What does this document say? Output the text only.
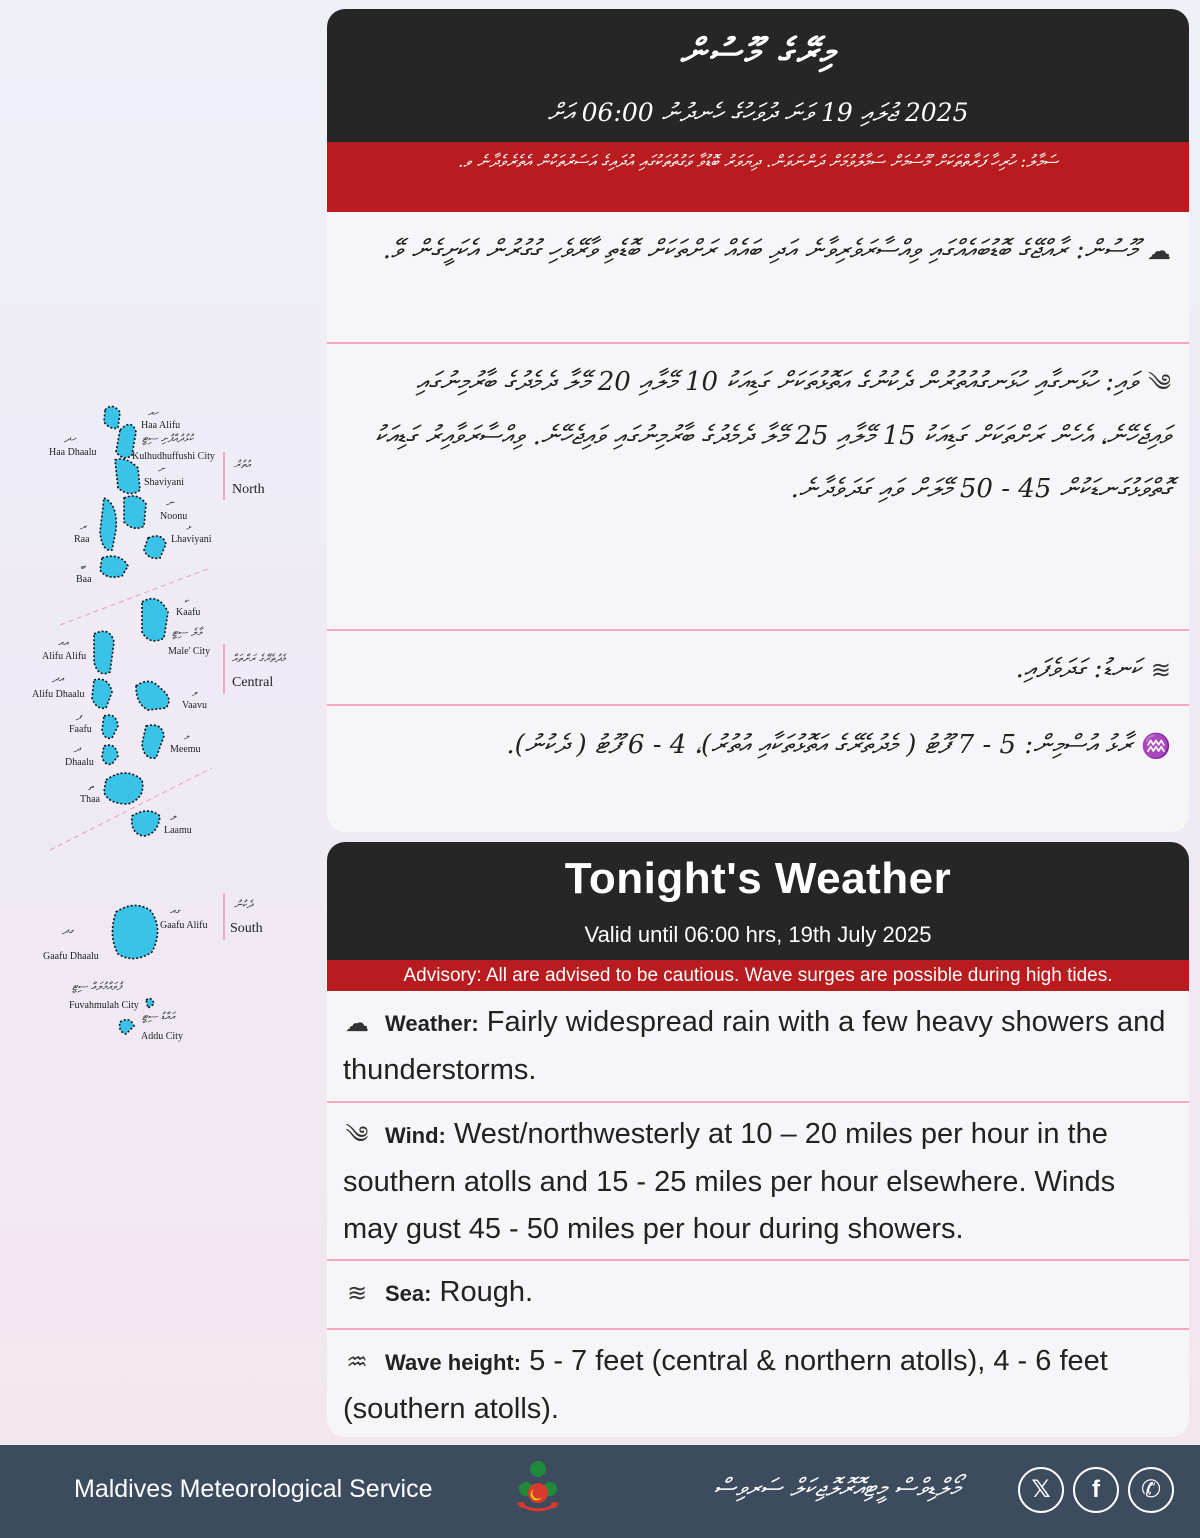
ހއ
Haa Alifu
ހދ
Haa Dhaalu
ކުޅުދުއްފުށި ސިޓީ
Kulhudhuffushi City
ށ
Shaviyani
ނ
Noonu
ރ
Raa
ޅ
Lhaviyani
ބ
Baa
ކ
Kaafu
މާލެ ސިޓީ
Male' City
އއ
Alifu Alifu
އދ
Alifu Dhaalu	ވ
Vaavu
ފ
Faafu
މ
Meemu
ދ
Dhaalu
ތ
Thaa
ލ
Laamu
ގއ
Gaafu Alifu
ގދ
Gaafu Dhaalu
ފުވައްމުލައް ސިޓީ
Fuvahmulah City
އައްޑު ސިޓީ
Addu City
އުތުރު
North
މެދުތެރޭގެ ރަށްތައް
Central
ދެކުނު
South
މިރޭގެ މޫސުން
2025 ޖުލައި 19 ވަނަ ދުވަހުގެ ހެނދުނު 06:00 އަށް
ސަމާލު: ހުރިހާ ފަރާތްތަކަށް މޫސުމަށް ސަމާލުވުމަށް ދަންނަވަން. ދިޔަވަރު ބޮޑުވާ ވަގުތުތަކުގައި އުދައިގެ އަސަރުތަކުން އެތެރެވެދާނެ ވ.
☁މޫސުން: ރާއްޖޭގެ ބޮޑުބައެއްގައި ވިއްސާރަވެރިވާނެ އަދި ބައެއް ރަށްތަކަށް ބޮޑެތި ވާރޭވެހި ގުގުރުން އެކަށީގެން ވޭ.
༄ވައި: ހުޅަނގާއި ހުޅަނގުއުތުރުން ދެކުނުގެ އަތޮޅުތަކަށް ގަޑިއަކު 10 މޭލާއި 20 މޭލާ ދެމެދުގެ ބާރުމިނުގައި ވައިޖެހޭނެ، އެހެން ރަށްތަކަށް ގަޑިއަކު 15 މޭލާއި 25 މޭލާ ދެމެދުގެ ބާރުމިނުގައި ވައިޖެހޭނެ. ވިއްސާރަވާއިރު ގަޑިއަކު ގޮތްވަޅުގަނޑަކުން 45 - 50 މޭލަށް ވައި ގަދަވެދާނެ.
≋ކަނޑު: ގަދަވެފައި.
♒ރާޅު އުސްމިން: 5 - 7 ފޫޓު ( މެދުތެރޭގެ އަތޮޅުތަކާއި އުތުރު)، 4 - 6 ފޫޓު ( ދެކުނު).
Tonight's Weather
Valid until 06:00 hrs, 19th July 2025
Advisory: All are advised to be cautious. Wave surges are possible during high tides.
☁ Weather: Fairly widespread rain with a few heavy showers and thunderstorms.
༄ Wind: West/northwesterly at 10 – 20 miles per hour in the southern atolls and 15 - 25 miles per hour elsewhere. Winds may gust 45 - 50 miles per hour during showers.
≋ Sea: Rough.
♒ Wave height: 5 - 7 feet (central & northern atolls), 4 - 6 feet (southern atolls).
Maldives Meteorological Service	މޯލްޑިވްސް މީޓިއޮރޮލޮޖިކަލް ސަރވިސް	𝕏	f	✆
